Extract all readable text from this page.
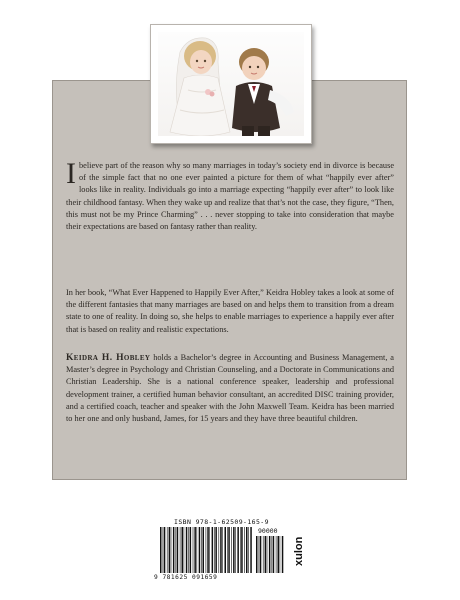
Ibelieve part of the reason why so many marriages in today’s society end in divorce is because of the simple fact that no one ever painted a picture for them of what “happily ever after” looks like in reality. Individuals go into a marriage expecting “happily ever after” to look like their childhood fantasy. When they wake up and realize that that’s not the case, they figure, “Then, this must not be my Prince Charming” . . . never stopping to take into consideration that maybe their expectations are based on fantasy rather than reality.
In her book, “What Ever Happened to Happily Ever After,” Keidra Hobley takes a look at some of the different fantasies that many marriages are based on and helps them to transition from a dream state to one of reality. In doing so, she helps to enable marriages to experience a happily ever after that is based on reality and realistic expectations.
Keidra H. Hobley holds a Bachelor’s degree in Accounting and Business Management, a Master’s degree in Psychology and Christian Counseling, and a Doctorate in Communications and Christian Leadership. She is a national conference speaker, leadership and professional development trainer, a certified human behavior consultant, an accredited DISC training provider, and a certified coach, teacher and speaker with the John Maxwell Team. Keidra has been married to her one and only husband, James, for 15 years and they have three beautiful children.
ISBN 978-1-62509-165-9
90000
9 781625 091659
xulon
